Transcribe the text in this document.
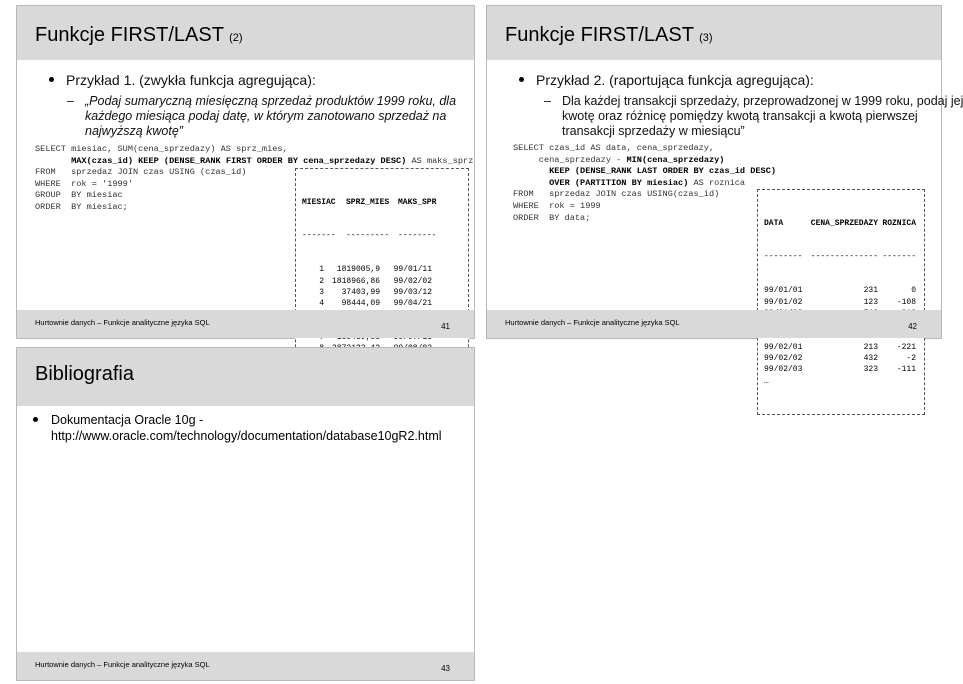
Funkcje FIRST/LAST (2)
Przykład 1. (zwykła funkcja agregująca):
– „Podaj sumaryczną miesięczną sprzedaż produktów 1999 roku, dla
każdego miesiąca podaj datę, w którym zanotowano sprzedaż na
najwyższą kwotę”
SELECT miesiac, SUM(cena_sprzedazy) AS sprz_mies,
MAX(czas_id) KEEP (DENSE_RANK FIRST ORDER BY cena_sprzedazy DESC) AS maks_sprz
FROM   sprzedaz JOIN czas USING (czas_id)
WHERE  rok = '1999'
GROUP  BY miesiac
ORDER  BY miesiac;

	MIESIAC SPRZ_MIES MAKS_SPR

------- --------- --------

1 1819005,9 99/01/11
2 1818966,86 99/02/02
3 37403,99 99/03/12
4 98444,09 99/04/21

Hurtownie danych – Funkcje analityczne języka SQL	41
Funkcje FIRST/LAST (3)
Przykład 2. (raportująca funkcja agregująca):
– Dla każdej transakcji sprzedaży, przeprowadzonej w 1999 roku, podaj jej
kwotę oraz różnicę pomiędzy kwotą transakcji a kwotą pierwszej
transakcji sprzedaży w miesiącu”
SELECT czas_id AS data, cena_sprzedazy,
cena_sprzedazy - MIN(cena_sprzedazy)
KEEP (DENSE_RANK LAST ORDER BY czas_id DESC)
OVER (PARTITION BY miesiac) AS roznica
FROM   sprzedaz JOIN czas USING(czas_id)
WHERE  rok = 1999
ORDER  BY data;

DATA	CENA_SPRZEDAZY ROZNICA

-------- -------------- -------

99/01/01	231	0
99/01/02	123 -108
99/02/01	213 -221
99/02/02	432	-2
99/02/03	323 -111
…

Hurtownie danych – Funkcje analityczne języka SQL	42
Bibliografia
Dokumentacja Oracle 10g -
http://www.oracle.com/technology/documentation/database10gR2.html
Hurtownie danych – Funkcje analityczne języka SQL	43
